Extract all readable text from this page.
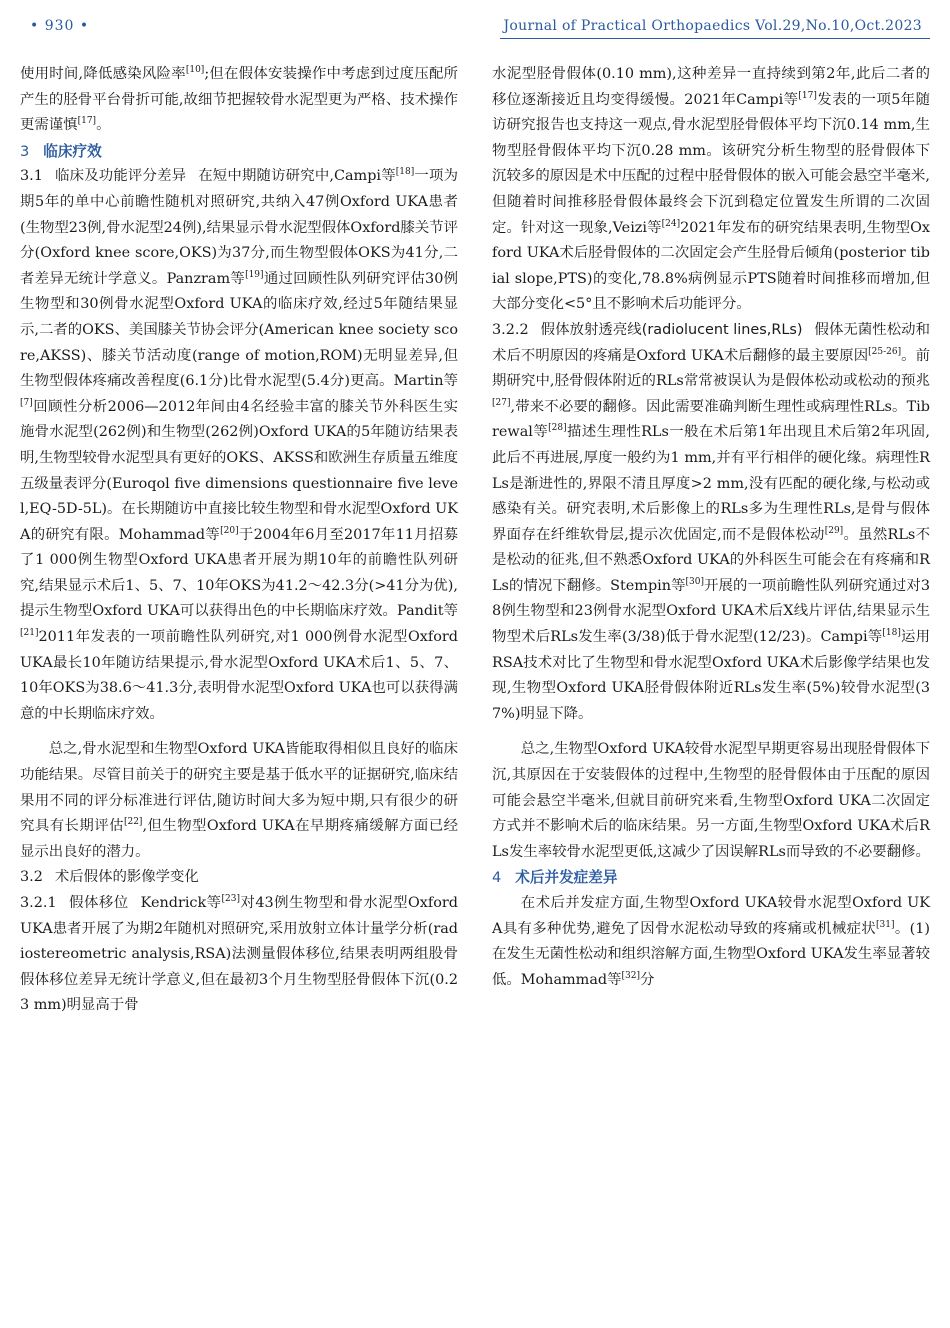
• 930 •	Journal of Practical Orthopaedics Vol.29,No.10,Oct.2023

使用时间,降低感染风险率[10];但在假体安装操作中考虑到过度压配所产生的胫骨平台骨折可能,故细节把握较骨水泥型更为严格、技术操作更需谨慎[17]。

3 临床疗效

3.1 临床及功能评分差异 在短中期随访研究中,Campi等[18]一项为期5年的单中心前瞻性随机对照研究,共纳入47例Oxford UKA患者(生物型23例,骨水泥型24例),结果显示骨水泥型假体Oxford膝关节评分(Oxford knee score,OKS)为37分,而生物型假体OKS为41分,二者差异无统计学意义。Panzram等[19]通过回顾性队列研究评估30例生物型和30例骨水泥型Oxford UKA的临床疗效,经过5年随结果显示,二者的OKS、美国膝关节协会评分(American knee society score,AKSS)、膝关节活动度(range of motion,ROM)无明显差异,但生物型假体疼痛改善程度(6.1分)比骨水泥型(5.4分)更高。Martin等[7]回顾性分析2006—2012年间由4名经验丰富的膝关节外科医生实施骨水泥型(262例)和生物型(262例)Oxford UKA的5年随访结果表明,生物型较骨水泥型具有更好的OKS、AKSS和欧洲生存质量五维度五级量表评分(Euroqol five dimensions questionnaire five level,EQ-5D-5L)。在长期随访中直接比较生物型和骨水泥型Oxford UKA的研究有限。Mohammad等[20]于2004年6月至2017年11月招募了1 000例生物型Oxford UKA患者开展为期10年的前瞻性队列研究,结果显示术后1、5、7、10年OKS为41.2～42.3分(>41分为优),提示生物型Oxford UKA可以获得出色的中长期临床疗效。Pandit等[21]2011年发表的一项前瞻性队列研究,对1 000例骨水泥型Oxford UKA最长10年随访结果提示,骨水泥型Oxford UKA术后1、5、7、10年OKS为38.6～41.3分,表明骨水泥型Oxford UKA也可以获得满意的中长期临床疗效。

总之,骨水泥型和生物型Oxford UKA皆能取得相似且良好的临床功能结果。尽管目前关于的研究主要是基于低水平的证据研究,临床结果用不同的评分标准进行评估,随访时间大多为短中期,只有很少的研究具有长期评估[22],但生物型Oxford UKA在早期疼痛缓解方面已经显示出良好的潜力。

3.2 术后假体的影像学变化

3.2.1 假体移位 Kendrick等[23]对43例生物型和骨水泥型Oxford UKA患者开展了为期2年随机对照研究,采用放射立体计量学分析(radiostereometric analysis,RSA)法测量假体移位,结果表明两组股骨假体移位差异无统计学意义,但在最初3个月生物型胫骨假体下沉(0.23 mm)明显高于骨

水泥型胫骨假体(0.10 mm),这种差异一直持续到第2年,此后二者的移位逐渐接近且均变得缓慢。2021年Campi等[17]发表的一项5年随访研究报告也支持这一观点,骨水泥型胫骨假体平均下沉0.14 mm,生物型胫骨假体平均下沉0.28 mm。该研究分析生物型的胫骨假体下沉较多的原因是术中压配的过程中胫骨假体的嵌入可能会悬空半毫米,但随着时间推移胫骨假体最终会下沉到稳定位置发生所谓的二次固定。针对这一现象,Veizi等[24]2021年发布的研究结果表明,生物型Oxford UKA术后胫骨假体的二次固定会产生胫骨后倾角(posterior tibial slope,PTS)的变化,78.8%病例显示PTS随着时间推移而增加,但大部分变化<5°且不影响术后功能评分。

3.2.2 假体放射透亮线(radiolucent lines,RLs) 假体无菌性松动和术后不明原因的疼痛是Oxford UKA术后翻修的最主要原因[25-26]。前期研究中,胫骨假体附近的RLs常常被误认为是假体松动或松动的预兆[27],带来不必要的翻修。因此需要准确判断生理性或病理性RLs。Tibrewal等[28]描述生理性RLs一般在术后第1年出现且术后第2年巩固,此后不再进展,厚度一般约为1 mm,并有平行相伴的硬化缘。病理性RLs是渐进性的,界限不清且厚度>2 mm,没有匹配的硬化缘,与松动或感染有关。研究表明,术后影像上的RLs多为生理性RLs,是骨与假体界面存在纤维软骨层,提示次优固定,而不是假体松动[29]。虽然RLs不是松动的征兆,但不熟悉Oxford UKA的外科医生可能会在有疼痛和RLs的情况下翻修。Stempin等[30]开展的一项前瞻性队列研究通过对38例生物型和23例骨水泥型Oxford UKA术后X线片评估,结果显示生物型术后RLs发生率(3/38)低于骨水泥型(12/23)。Campi等[18]运用RSA技术对比了生物型和骨水泥型Oxford UKA术后影像学结果也发现,生物型Oxford UKA胫骨假体附近RLs发生率(5%)较骨水泥型(37%)明显下降。

总之,生物型Oxford UKA较骨水泥型早期更容易出现胫骨假体下沉,其原因在于安装假体的过程中,生物型的胫骨假体由于压配的原因可能会悬空半毫米,但就目前研究来看,生物型Oxford UKA二次固定方式并不影响术后的临床结果。另一方面,生物型Oxford UKA术后RLs发生率较骨水泥型更低,这减少了因误解RLs而导致的不必要翻修。

4 术后并发症差异

在术后并发症方面,生物型Oxford UKA较骨水泥型Oxford UKA具有多种优势,避免了因骨水泥松动导致的疼痛或机械症状[31]。(1)在发生无菌性松动和组织溶解方面,生物型Oxford UKA发生率显著较低。Mohammad等[32]分
